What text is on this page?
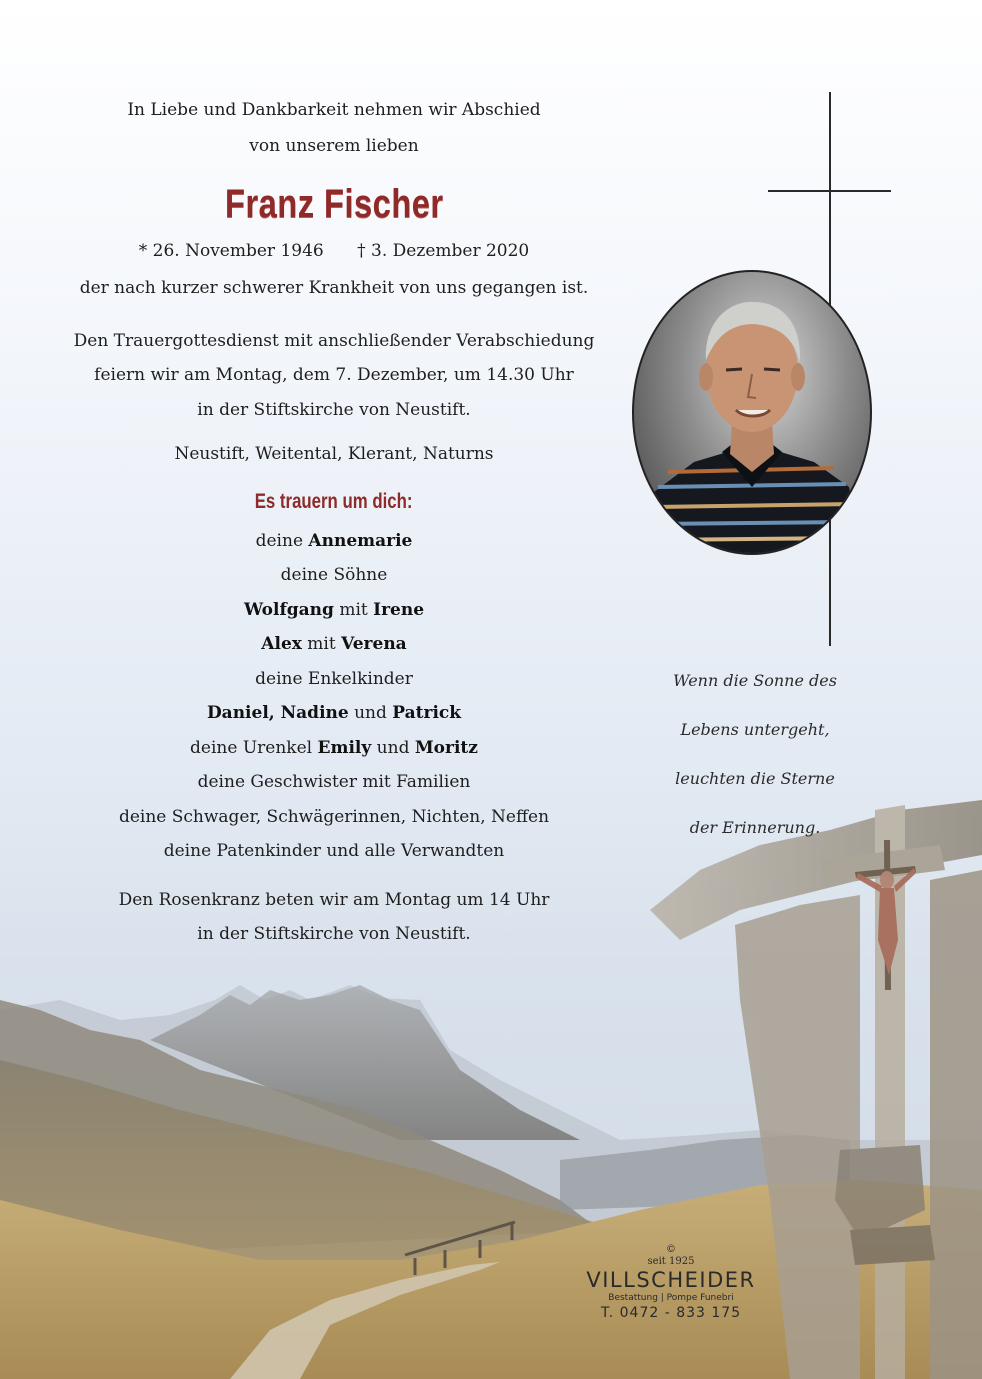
In Liebe und Dankbarkeit nehmen wir Abschied

von unserem lieben

Franz Fischer

* 26. November 1946 † 3. Dezember 2020

der nach kurzer schwerer Krankheit von uns gegangen ist.

Den Trauergottesdienst mit anschließender Verabschiedung

feiern wir am Montag, dem 7. Dezember, um 14.30 Uhr

in der Stiftskirche von Neustift.

Neustift, Weitental, Klerant, Naturns

Es trauern um dich:

deine Annemarie

deine Söhne

Wolfgang mit Irene

Alex mit Verena

deine Enkelkinder

Daniel, Nadine und Patrick

deine Urenkel Emily und Moritz

deine Geschwister mit Familien

deine Schwager, Schwägerinnen, Nichten, Neffen

deine Patenkinder und alle Verwandten

Den Rosenkranz beten wir am Montag um 14 Uhr

in der Stiftskirche von Neustift.

Wenn die Sonne des

Lebens untergeht,

leuchten die Sterne

der Erinnerung.

©
seit 1925
VILLSCHEIDER
Bestattung | Pompe Funebri
T. 0472 - 833 175
